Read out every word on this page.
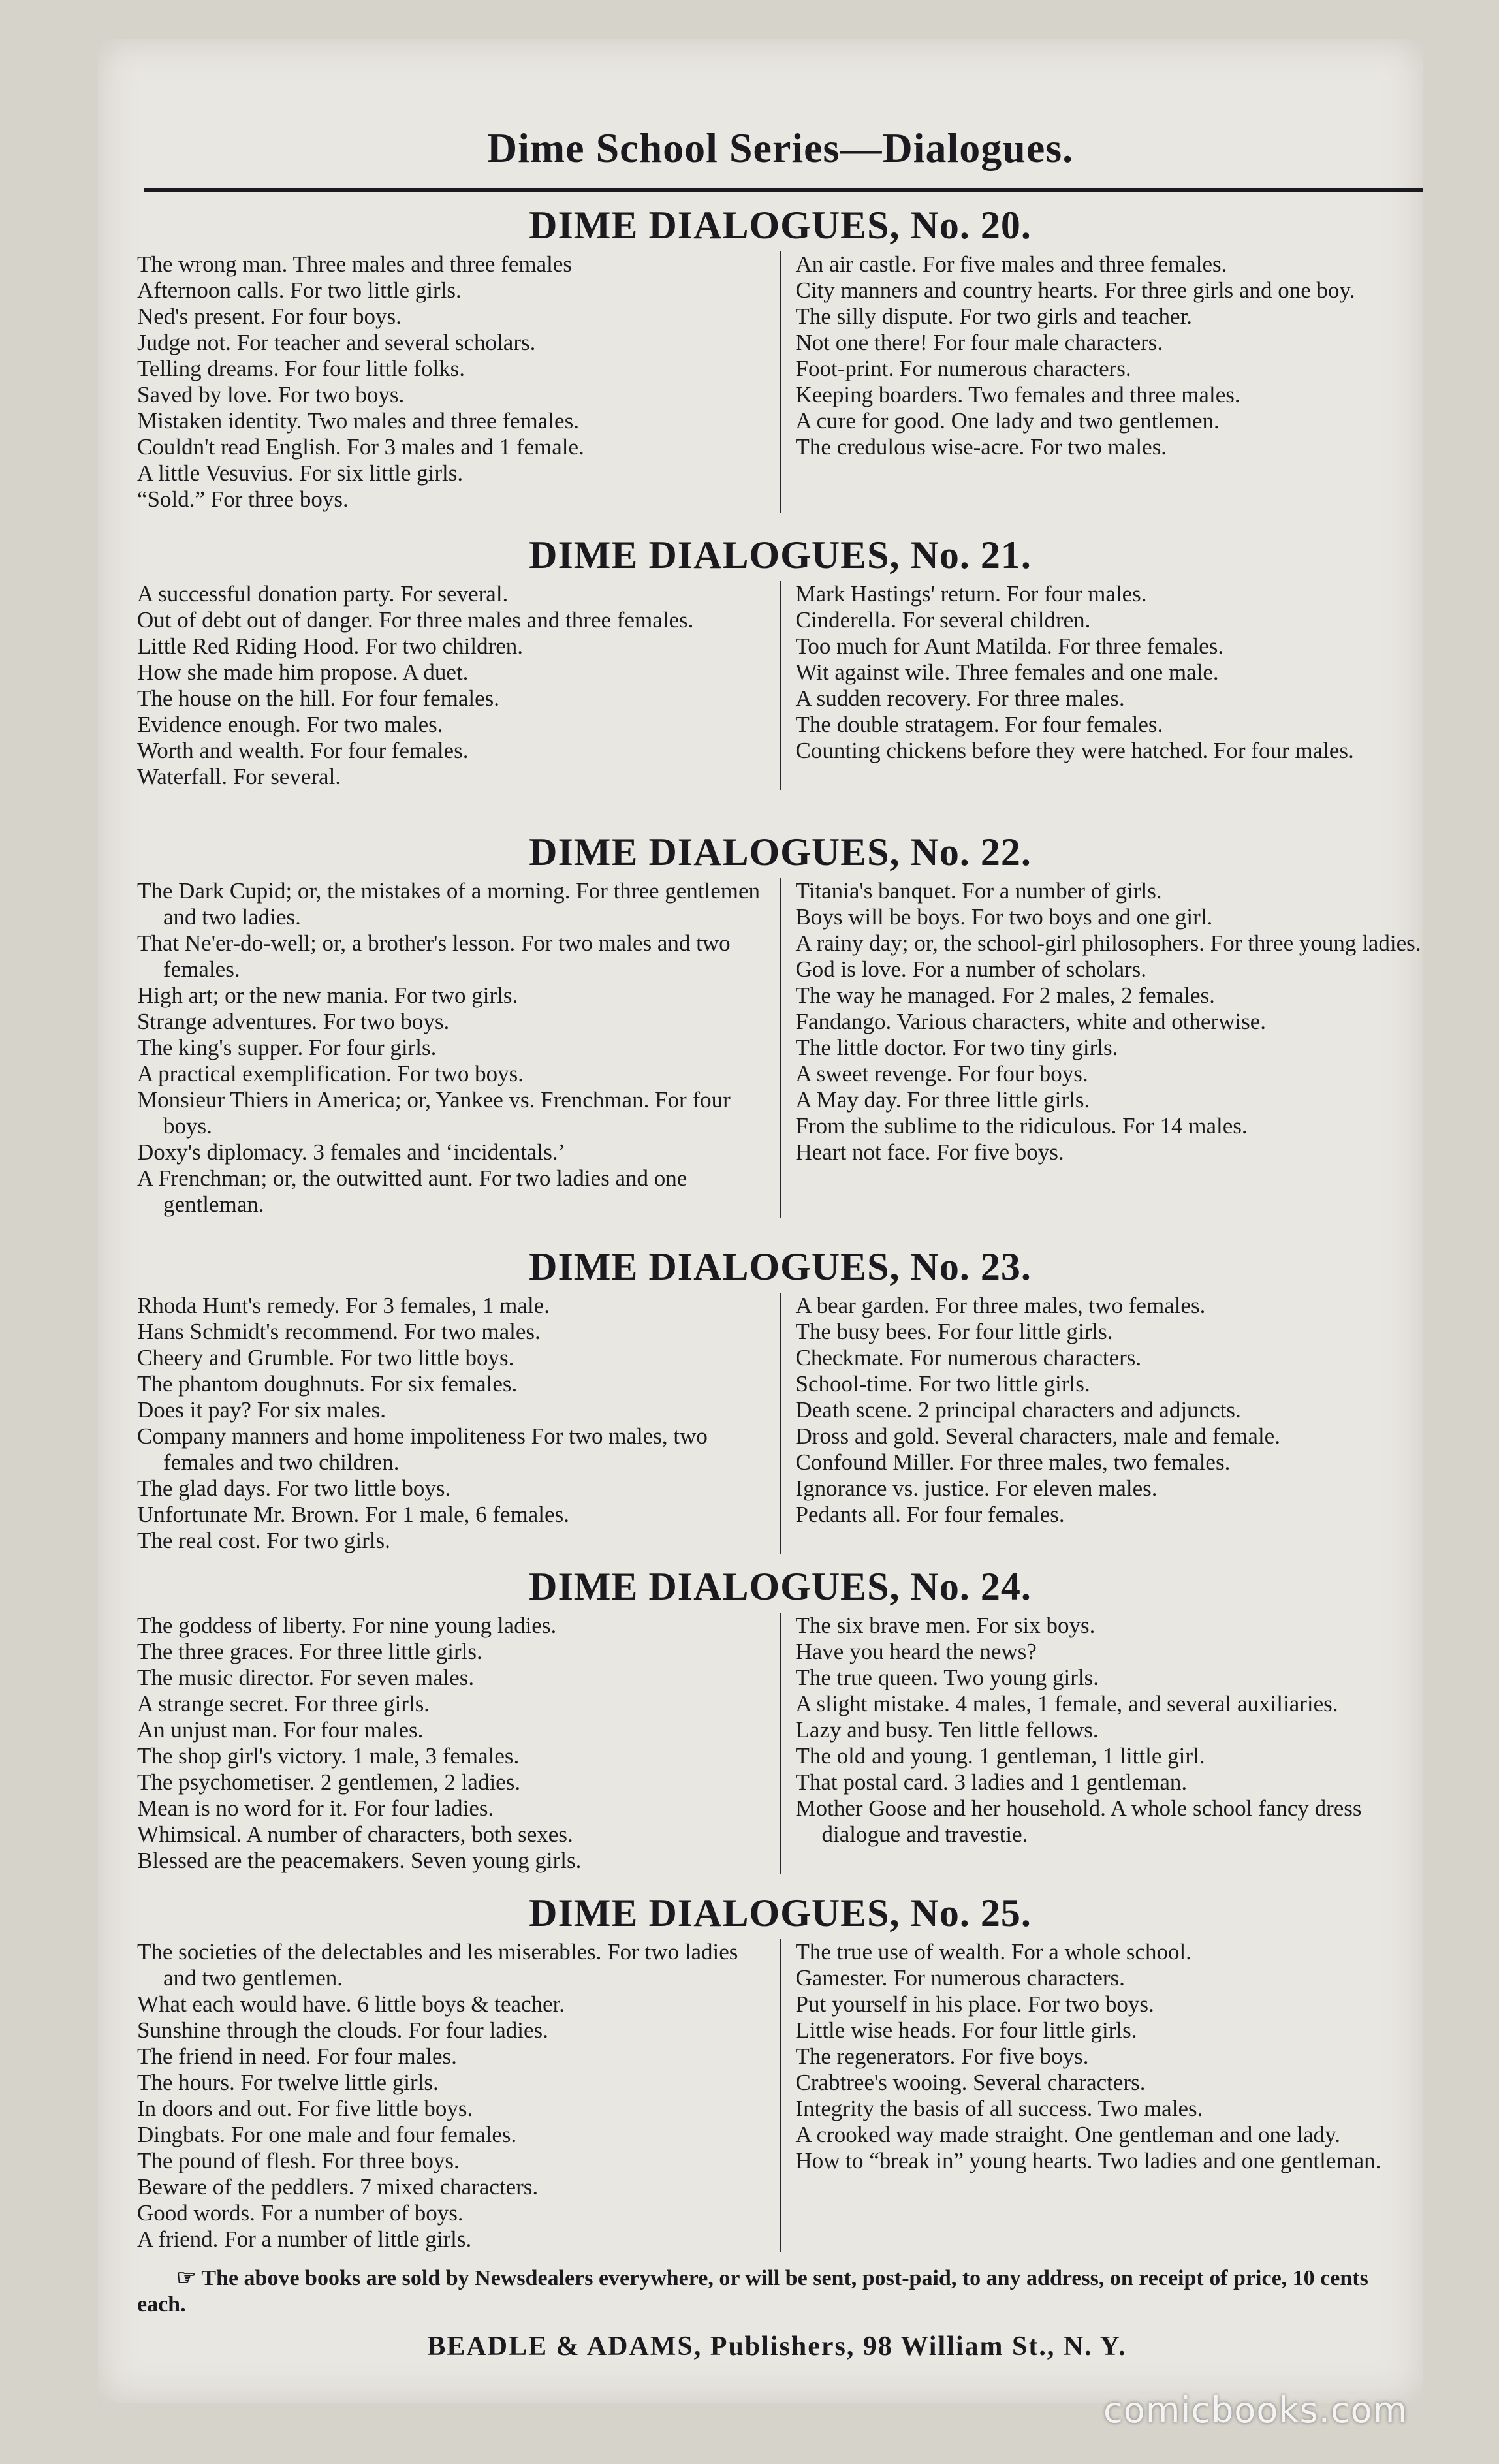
Dime School Series—Dialogues.
DIME DIALOGUES, No. 20.

The wrong man. Three males and three females

Afternoon calls. For two little girls.

Ned's present. For four boys.

Judge not. For teacher and several scholars.

Telling dreams. For four little folks.

Saved by love. For two boys.

Mistaken identity. Two males and three females.

Couldn't read English. For 3 males and 1 female.

A little Vesuvius. For six little girls.

“Sold.” For three boys.

An air castle. For five males and three females.

City manners and country hearts. For three girls and one boy.

The silly dispute. For two girls and teacher.

Not one there! For four male characters.

Foot-print. For numerous characters.

Keeping boarders. Two females and three males.

A cure for good. One lady and two gentlemen.

The credulous wise-acre. For two males.

DIME DIALOGUES, No. 21.

A successful donation party. For several.

Out of debt out of danger. For three males and three females.

Little Red Riding Hood. For two children.

How she made him propose. A duet.

The house on the hill. For four females.

Evidence enough. For two males.

Worth and wealth. For four females.

Waterfall. For several.

Mark Hastings' return. For four males.

Cinderella. For several children.

Too much for Aunt Matilda. For three females.

Wit against wile. Three females and one male.

A sudden recovery. For three males.

The double stratagem. For four females.

Counting chickens before they were hatched. For four males.

DIME DIALOGUES, No. 22.

The Dark Cupid; or, the mistakes of a morning. For three gentlemen and two ladies.

That Ne'er-do-well; or, a brother's lesson. For two males and two females.

High art; or the new mania. For two girls.

Strange adventures. For two boys.

The king's supper. For four girls.

A practical exemplification. For two boys.

Monsieur Thiers in America; or, Yankee vs. Frenchman. For four boys.

Doxy's diplomacy. 3 females and ‘incidentals.’

A Frenchman; or, the outwitted aunt. For two ladies and one gentleman.

Titania's banquet. For a number of girls.

Boys will be boys. For two boys and one girl.

A rainy day; or, the school-girl philosophers. For three young ladies.

God is love. For a number of scholars.

The way he managed. For 2 males, 2 females.

Fandango. Various characters, white and otherwise.

The little doctor. For two tiny girls.

A sweet revenge. For four boys.

A May day. For three little girls.

From the sublime to the ridiculous. For 14 males.

Heart not face. For five boys.

DIME DIALOGUES, No. 23.

Rhoda Hunt's remedy. For 3 females, 1 male.

Hans Schmidt's recommend. For two males.

Cheery and Grumble. For two little boys.

The phantom doughnuts. For six females.

Does it pay? For six males.

Company manners and home impoliteness For two males, two females and two children.

The glad days. For two little boys.

Unfortunate Mr. Brown. For 1 male, 6 females.

The real cost. For two girls.

A bear garden. For three males, two females.

The busy bees. For four little girls.

Checkmate. For numerous characters.

School-time. For two little girls.

Death scene. 2 principal characters and adjuncts.

Dross and gold. Several characters, male and female.

Confound Miller. For three males, two females.

Ignorance vs. justice. For eleven males.

Pedants all. For four females.

DIME DIALOGUES, No. 24.

The goddess of liberty. For nine young ladies.

The three graces. For three little girls.

The music director. For seven males.

A strange secret. For three girls.

An unjust man. For four males.

The shop girl's victory. 1 male, 3 females.

The psychometiser. 2 gentlemen, 2 ladies.

Mean is no word for it. For four ladies.

Whimsical. A number of characters, both sexes.

Blessed are the peacemakers. Seven young girls.

The six brave men. For six boys.

Have you heard the news?

The true queen. Two young girls.

A slight mistake. 4 males, 1 female, and several auxiliaries.

Lazy and busy. Ten little fellows.

The old and young. 1 gentleman, 1 little girl.

That postal card. 3 ladies and 1 gentleman.

Mother Goose and her household. A whole school fancy dress dialogue and travestie.

DIME DIALOGUES, No. 25.

The societies of the delectables and les miserables. For two ladies and two gentlemen.

What each would have. 6 little boys & teacher.

Sunshine through the clouds. For four ladies.

The friend in need. For four males.

The hours. For twelve little girls.

In doors and out. For five little boys.

Dingbats. For one male and four females.

The pound of flesh. For three boys.

Beware of the peddlers. 7 mixed characters.

Good words. For a number of boys.

A friend. For a number of little girls.

The true use of wealth. For a whole school.

Gamester. For numerous characters.

Put yourself in his place. For two boys.

Little wise heads. For four little girls.

The regenerators. For five boys.

Crabtree's wooing. Several characters.

Integrity the basis of all success. Two males.

A crooked way made straight. One gentleman and one lady.

How to “break in” young hearts. Two ladies and one gentleman.

☞ The above books are sold by Newsdealers everywhere, or will be sent, post-paid, to any address, on receipt of price, 10 cents each.
BEADLE & ADAMS, Publishers, 98 William St., N. Y.
comicbooks.com
